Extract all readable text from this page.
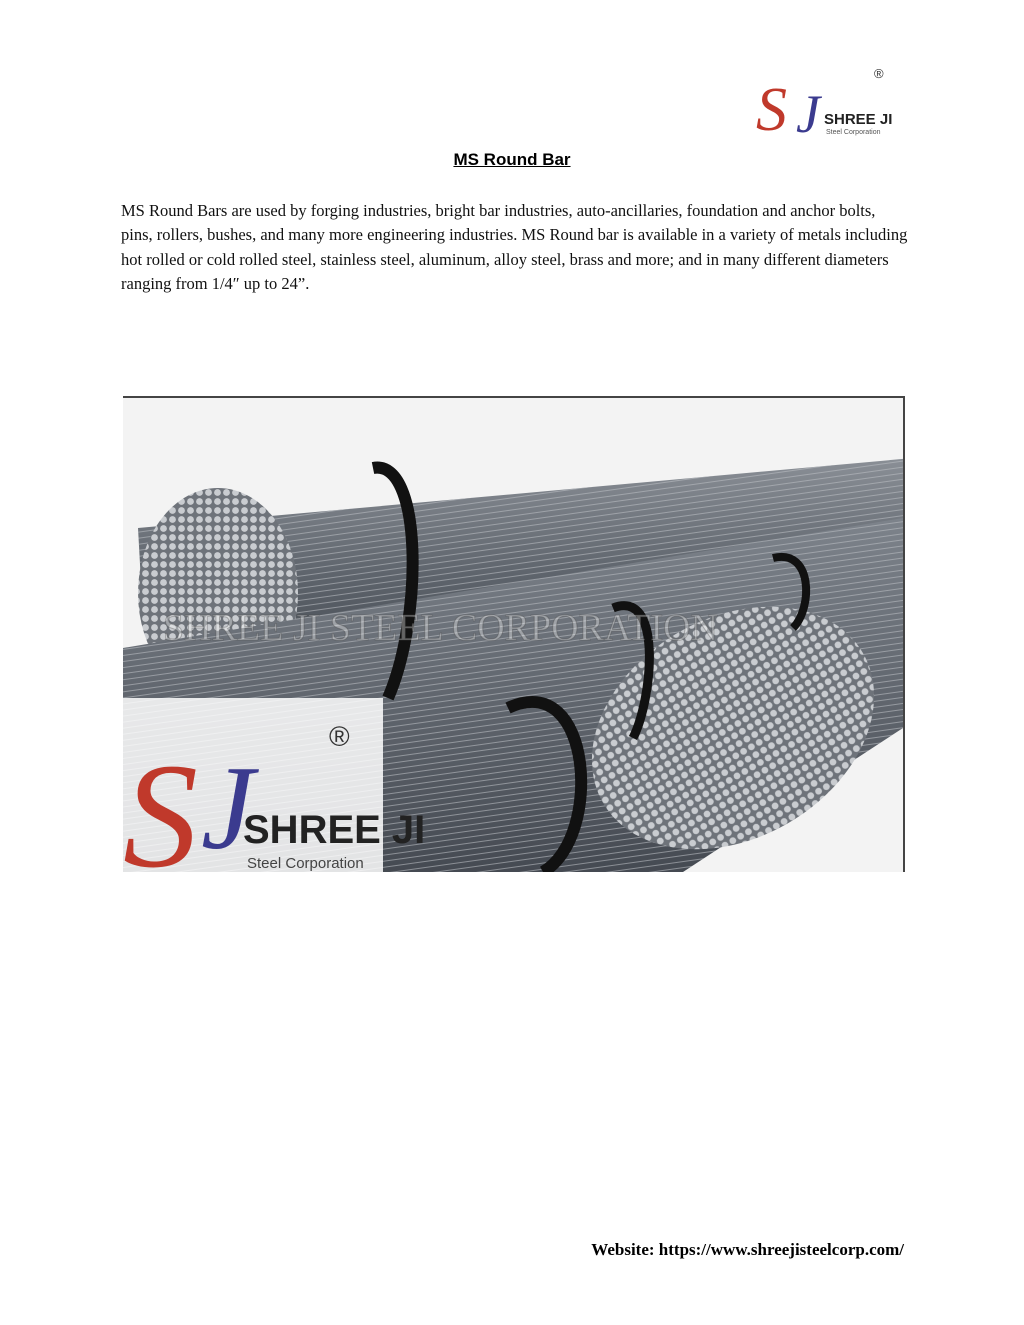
S J SHREE JI
Steel Corporation
®
MS Round Bar

MS Round Bars are used by forging industries, bright bar industries, auto-ancillaries, foundation and anchor bolts, pins, rollers, bushes, and many more engineering industries. MS Round bar is available in a variety of metals including hot rolled or cold rolled steel, stainless steel, aluminum, alloy steel, brass and more; and in many different diameters ranging from 1/4″ up to 24”.

SHREE JI STEEL CORPORATION
S J
SHREE JI
Steel Corporation
®
Website: https://www.shreejisteelcorp.com/
